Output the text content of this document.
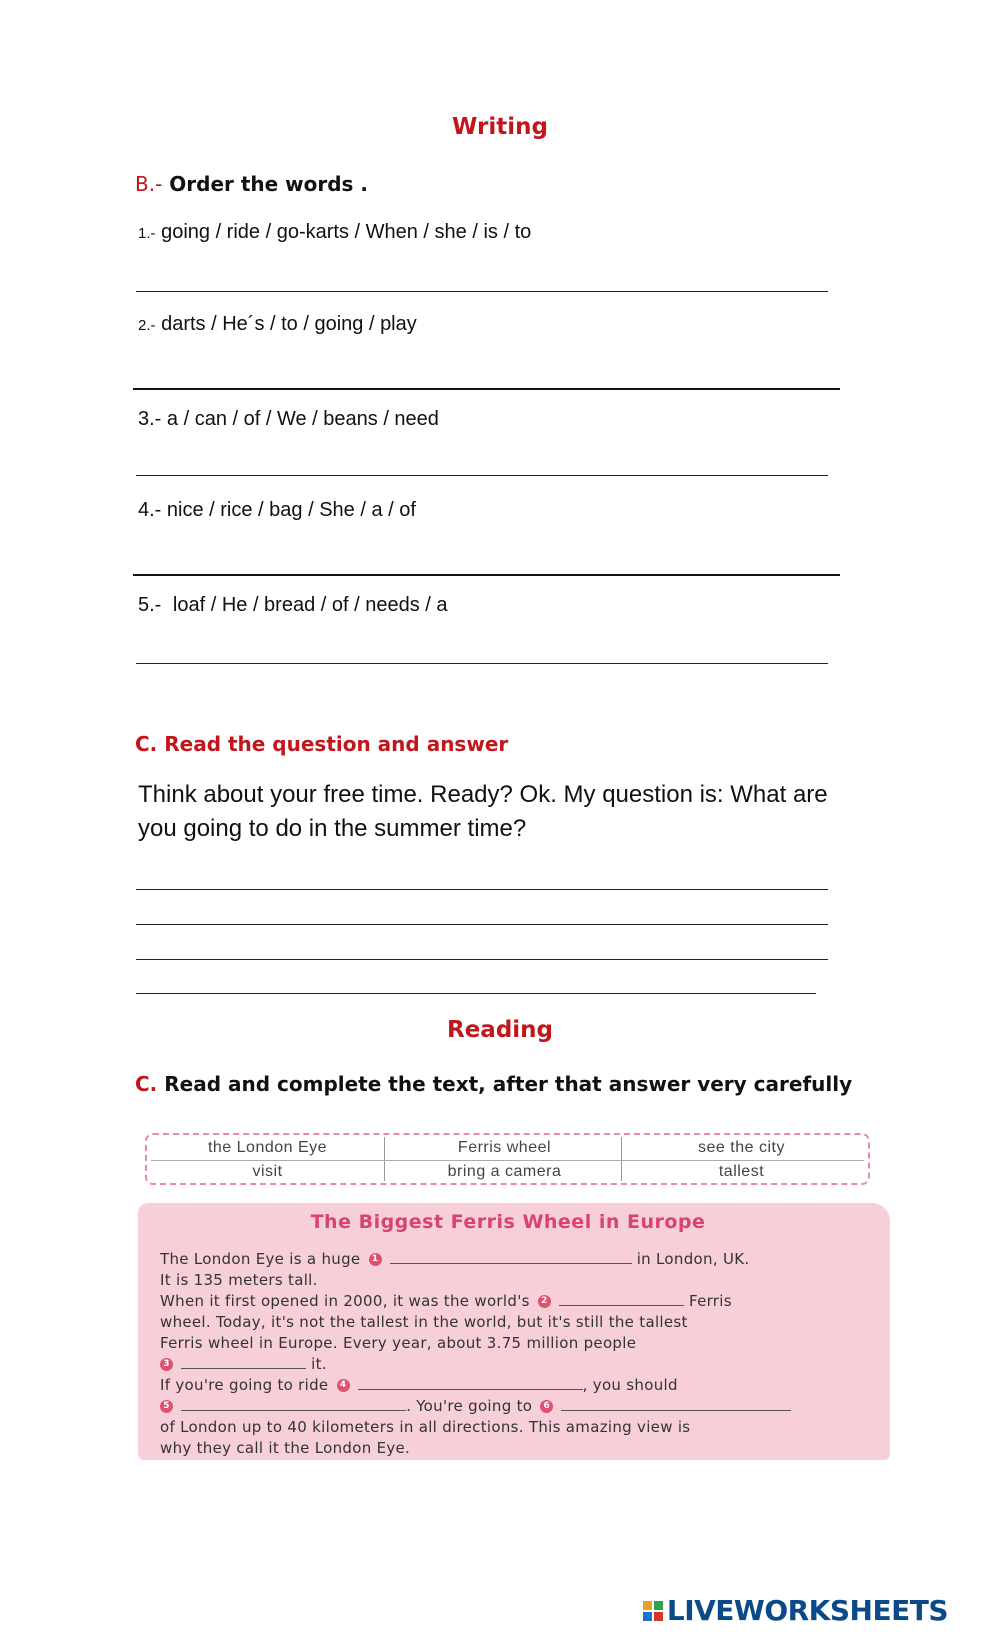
Writing
B.- Order the words .
1.- going / ride / go-karts / When / she / is / to
2.- darts / He´s / to / going / play
3.- a / can / of / We / beans / need
4.- nice / rice / bag / She / a / of
5.- loaf / He / bread / of / needs / a
C. Read the question and answer
Think about your free time. Ready? Ok. My question is: What are you going to do in the summer time?
Reading
C. Read and complete the text, after that answer very carefully
the London Eye	Ferris wheel	see the city
visit	bring a camera	tallest
The Biggest Ferris Wheel in Europe
The London Eye is a huge 1	in London, UK.
It is 135 meters tall.
When it first opened in 2000, it was the world's 2	Ferris
wheel. Today, it's not the tallest in the world, but it's still the tallest
Ferris wheel in Europe. Every year, about 3.75 million people
3	it.
If you're going to ride 4	, you should
5	. You're going to 6
of London up to 40 kilometers in all directions. This amazing view is
why they call it the London Eye.
LIVEWORKSHEETS
